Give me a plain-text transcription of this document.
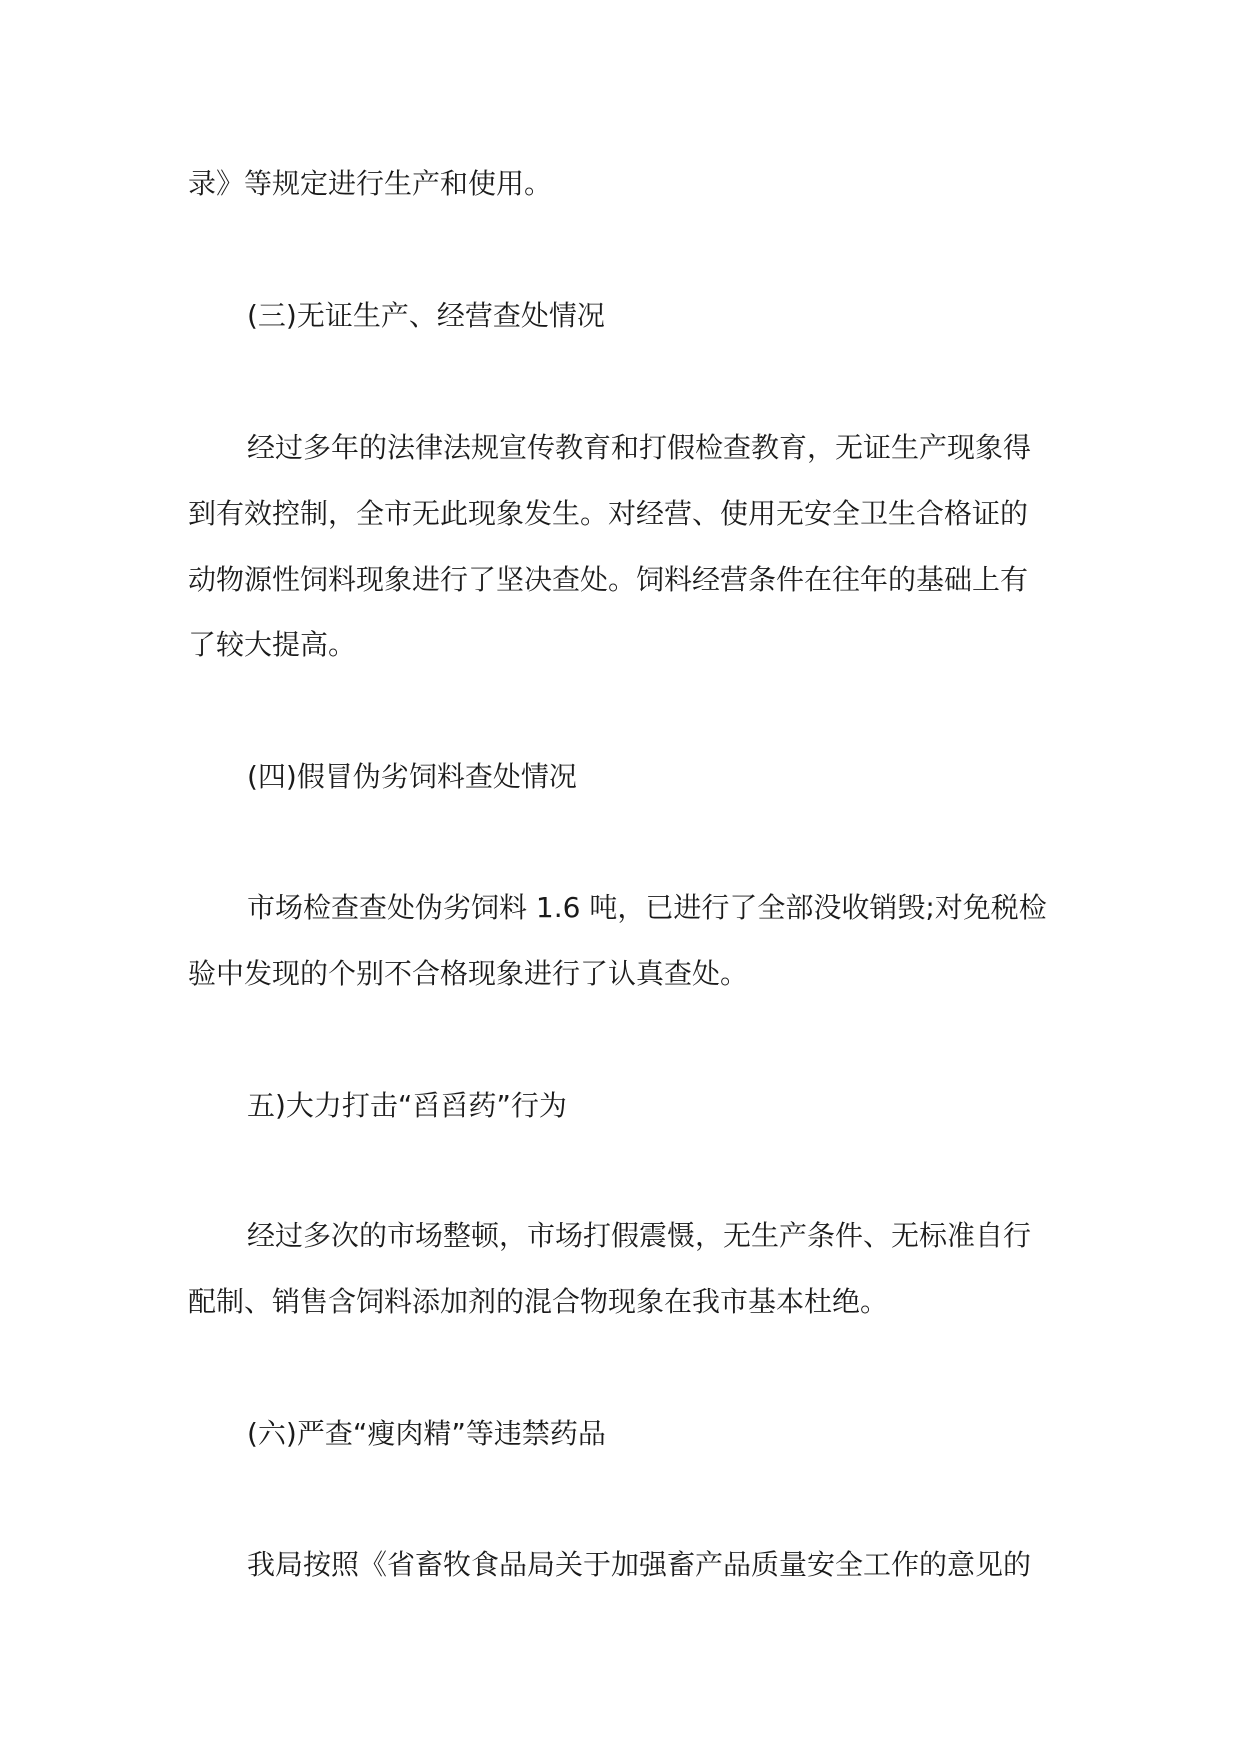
录》等规定进行生产和使用。
(三)无证生产、经营查处情况
经过多年的法律法规宣传教育和打假检查教育，无证生产现象得
到有效控制，全市无此现象发生。对经营、使用无安全卫生合格证的
动物源性饲料现象进行了坚决查处。饲料经营条件在往年的基础上有
了较大提高。
(四)假冒伪劣饲料查处情况
市场检查查处伪劣饲料 1.6 吨，已进行了全部没收销毁;对免税检
验中发现的个别不合格现象进行了认真查处。
五)大力打击“舀舀药”行为
经过多次的市场整顿，市场打假震慑，无生产条件、无标准自行
配制、销售含饲料添加剂的混合物现象在我市基本杜绝。
(六)严查“瘦肉精”等违禁药品
我局按照《省畜牧食品局关于加强畜产品质量安全工作的意见的
